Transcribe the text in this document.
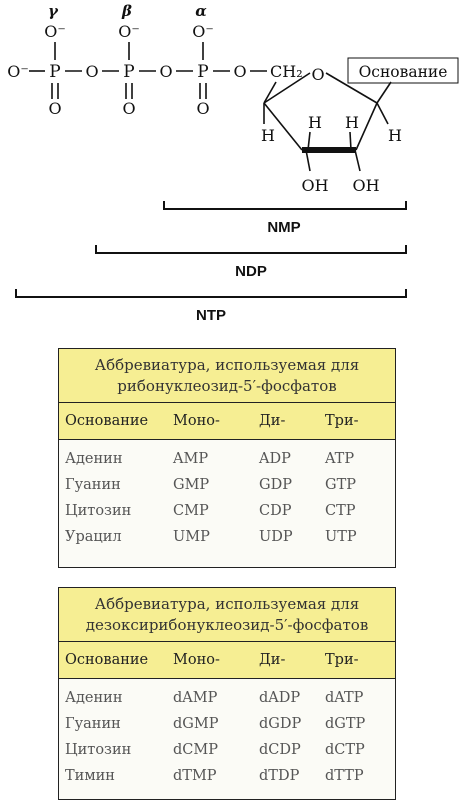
γ	β	α
O⁻	O⁻	O⁻
O⁻ P O P O P O CH₂
O	O	O
O Основание
H	H
H H
OH OH
NMP
NDP
NTP
Аббревиатура, используемая для
рибонуклеозид-5′-фосфатов
Основание	Моно-	Ди-	Три-
Аденин	AMP	ADP	ATP
Гуанин	GMP	GDP	GTP
Цитозин	CMP	CDP	CTP
Урацил	UMP	UDP	UTP
Аббревиатура, используемая для
дезоксирибонуклеозид-5′-фосфатов
Основание	Моно-	Ди-	Три-
Аденин	dAMP	dADP	dATP
Гуанин	dGMP	dGDP	dGTP
Цитозин	dCMP	dCDP	dCTP
Тимин	dTMP	dTDP	dTTP
